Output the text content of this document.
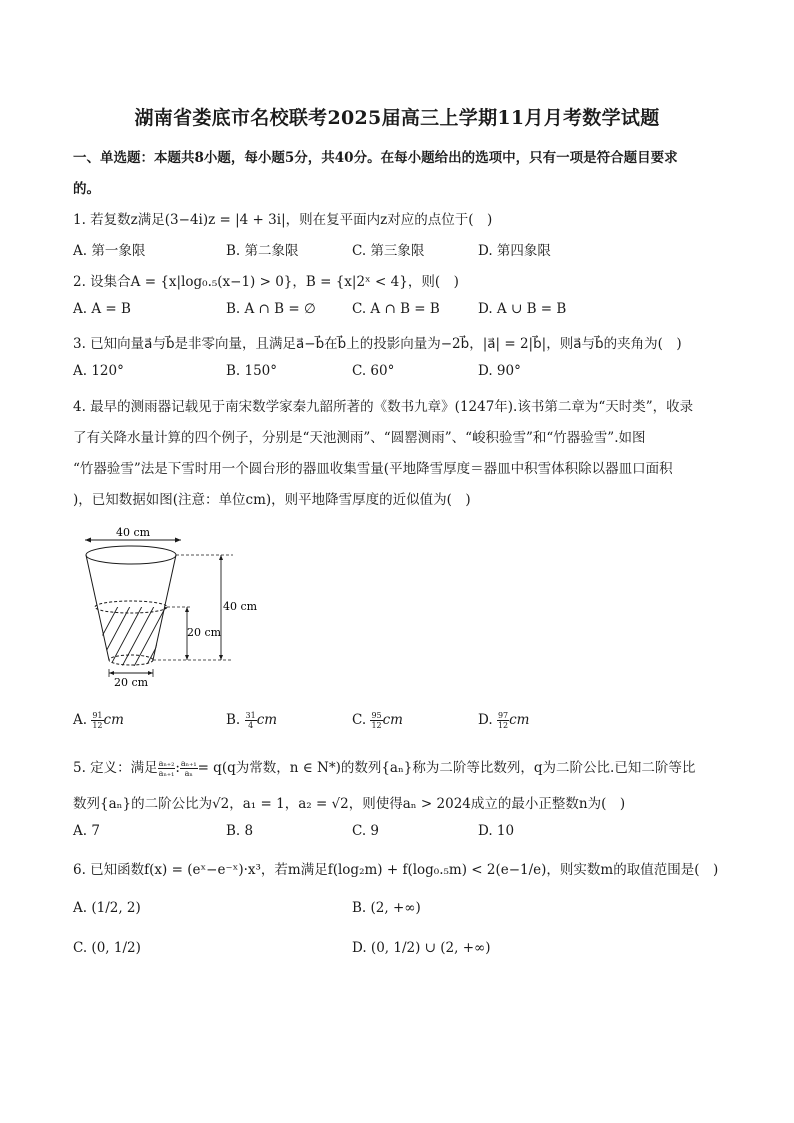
湖南省娄底市名校联考2025届高三上学期11月月考数学试题
一、单选题：本题共8小题，每小题5分，共40分。在每小题给出的选项中，只有一项是符合题目要求
的。
1. 若复数z满足(3−4i)z = |4 + 3i|，则在复平面内z对应的点位于(　)
A. 第一象限	B. 第二象限	C. 第三象限	D. 第四象限
2. 设集合A = {x|log₀.₅(x−1) > 0}，B = {x|2ˣ < 4}，则(　)
A. A = B	B. A ∩ B = ∅	C. A ∩ B = B	D. A ∪ B = B
3. 已知向量a⃗与b⃗是非零向量，且满足a⃗−b⃗在b⃗上的投影向量为−2b⃗，|a⃗| = 2|b⃗|，则a⃗与b⃗的夹角为(　)
A. 120°	B. 150°	C. 60°	D. 90°
4. 最早的测雨器记载见于南宋数学家秦九韶所著的《数书九章》(1247年).该书第二章为“天时类”，收录
了有关降水量计算的四个例子，分别是“天池测雨”、“圆罂测雨”、“峻积验雪”和“竹器验雪”.如图
“竹器验雪”法是下雪时用一个圆台形的器皿收集雪量(平地降雪厚度＝器皿中积雪体积除以器皿口面积
)，已知数据如图(注意：单位cm)，则平地降雪厚度的近似值为(　)
40 cm
20 cm
20 cm
40 cm
A. $\frac{91}{12}$ cm	B. $\frac{31}{4}$ cm	C. $\frac{95}{12}$ cm	D. $\frac{97}{12}$ cm
5. 定义：满足 $\frac{\text{aₙ₊₂}}{\text{aₙ₊₁}}$ : $\frac{\text{aₙ₊₁}}{\text{aₙ}} = q(q$为常数，n ∈ N*)的数列{aₙ}称为二阶等比数列，q为二阶公比.已知二阶等比
数列{aₙ}的二阶公比为√2，a₁ = 1，a₂ = √2，则使得aₙ > 2024成立的最小正整数n为(　)
A. 7	B. 8	C. 9	D. 10
6. 已知函数f(x) = (eˣ−e⁻ˣ)·x³，若m满足f(log₂m) + f(log₀.₅m) < 2(e−1/e)，则实数m的取值范围是(　)
A. (1/2, 2)	B. (2, +∞)
C. (0, 1/2)	D. (0, 1/2) ∪ (2, +∞)
